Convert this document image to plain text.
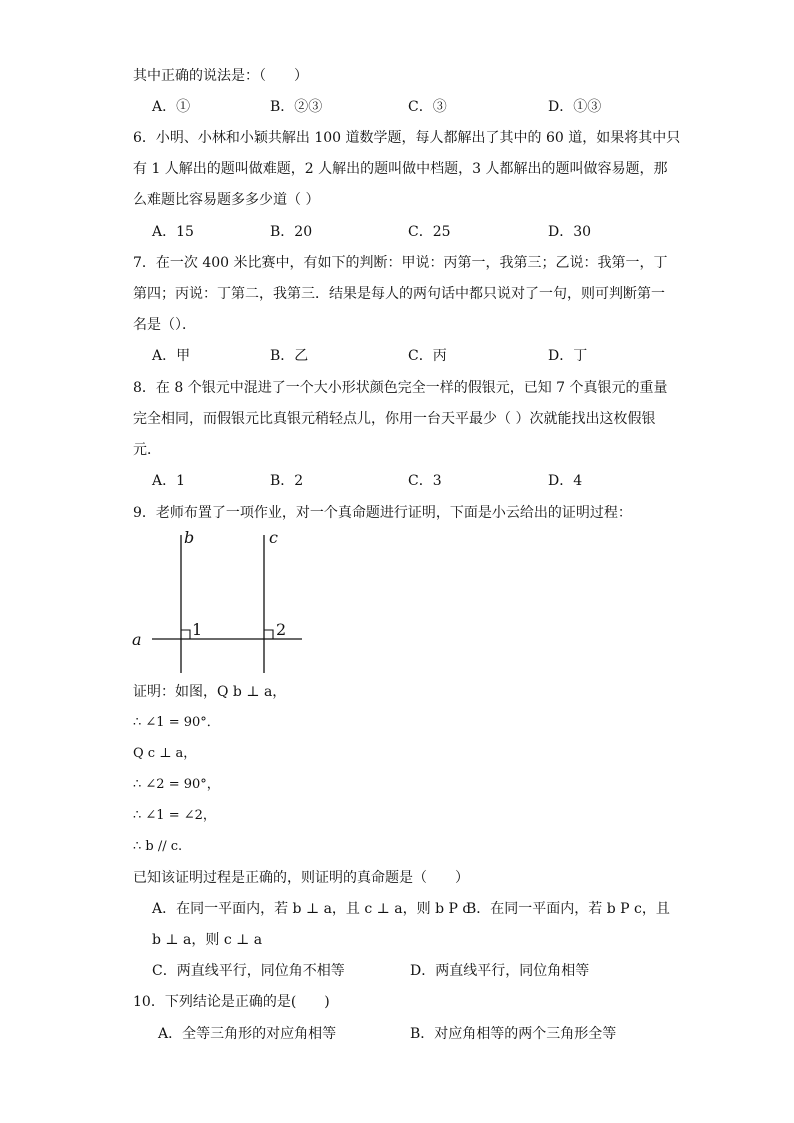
其中正确的说法是：（　　）
A．①	B．②③	C．③	D．①③
6．小明、小林和小颖共解出 100 道数学题，每人都解出了其中的 60 道，如果将其中只
有 1 人解出的题叫做难题，2 人解出的题叫做中档题，3 人都解出的题叫做容易题，那
么难题比容易题多多少道（ ）
A．15	B．20	C．25	D．30
7．在一次 400 米比赛中，有如下的判断：甲说：丙第一，我第三；乙说：我第一，丁
第四；丙说：丁第二，我第三．结果是每人的两句话中都只说对了一句，则可判断第一
名是（）．
A．甲	B．乙	C．丙	D．丁
8．在 8 个银元中混进了一个大小形状颜色完全一样的假银元，已知 7 个真银元的重量
完全相同，而假银元比真银元稍轻点儿，你用一台天平最少（ ）次就能找出这枚假银
元．
A．1	B．2	C．3	D．4
9．老师布置了一项作业，对一个真命题进行证明，下面是小云给出的证明过程：
b	c
a
1	2
证明：如图，Q b ⊥ a，
∴ ∠1 = 90°．
Q c ⊥ a，
∴ ∠2 = 90°，
∴ ∠1 = ∠2，
∴ b // c.
已知该证明过程是正确的，则证明的真命题是（　　）
A．在同一平面内，若 b ⊥ a，且 c ⊥ a，则 b P c
B．在同一平面内，若 b P c，且
b ⊥ a，则 c ⊥ a
C．两直线平行，同位角不相等	D．两直线平行，同位角相等
10．下列结论是正确的是(　　)
A．全等三角形的对应角相等	B．对应角相等的两个三角形全等
